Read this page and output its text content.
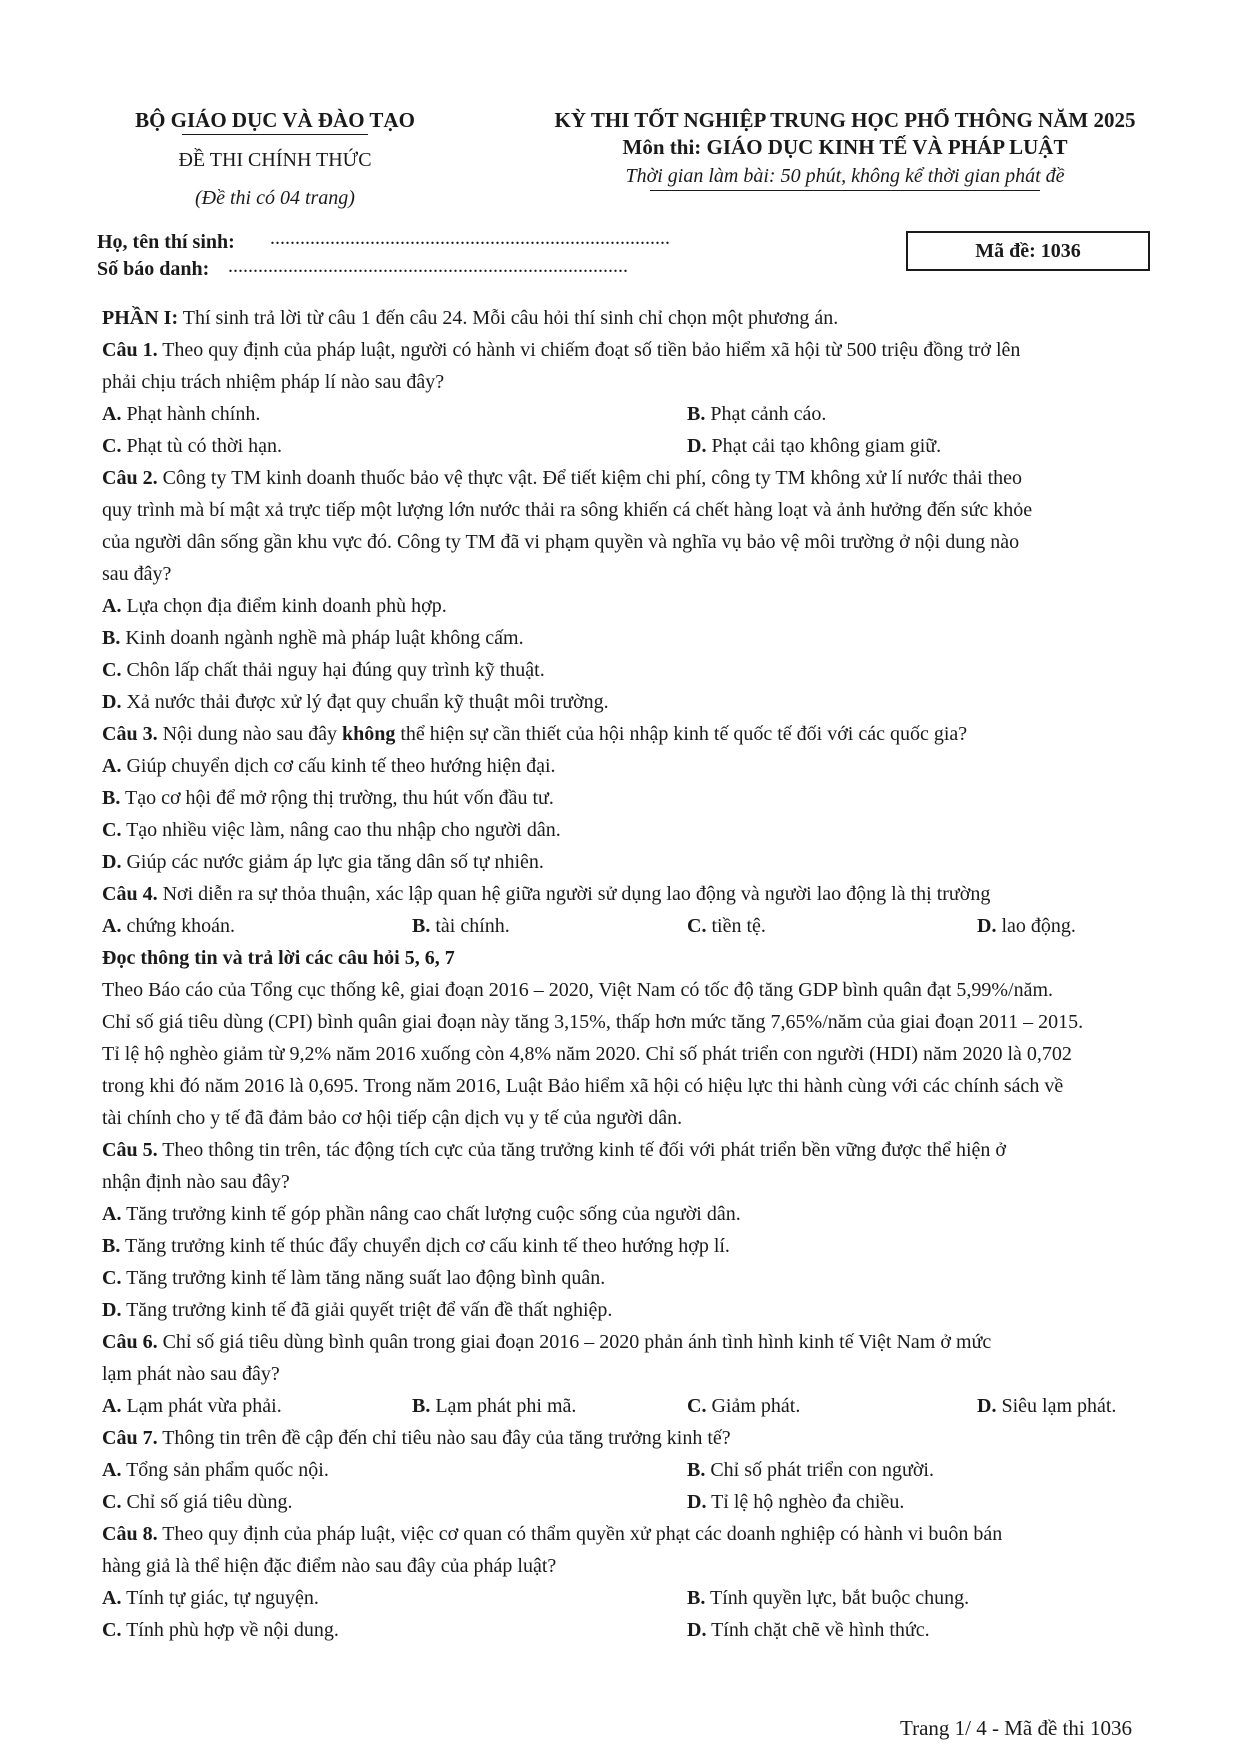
BỘ GIÁO DỤC VÀ ĐÀO TẠO
ĐỀ THI CHÍNH THỨC
(Đề thi có 04 trang)
KỲ THI TỐT NGHIỆP TRUNG HỌC PHỔ THÔNG NĂM 2025
Môn thi: GIÁO DỤC KINH TẾ VÀ PHÁP LUẬT
Thời gian làm bài: 50 phút, không kể thời gian phát đề
Họ, tên thí sinh: ................................................................................
Số báo danh: ................................................................................
Mã đề: 1036
PHẦN I: Thí sinh trả lời từ câu 1 đến câu 24. Mỗi câu hỏi thí sinh chỉ chọn một phương án.
Câu 1. Theo quy định của pháp luật, người có hành vi chiếm đoạt số tiền bảo hiểm xã hội từ 500 triệu đồng trở lên
phải chịu trách nhiệm pháp lí nào sau đây?
A. Phạt hành chính.	B. Phạt cảnh cáo.
C. Phạt tù có thời hạn.	D. Phạt cải tạo không giam giữ.
Câu 2. Công ty TM kinh doanh thuốc bảo vệ thực vật. Để tiết kiệm chi phí, công ty TM không xử lí nước thải theo
quy trình mà bí mật xả trực tiếp một lượng lớn nước thải ra sông khiến cá chết hàng loạt và ảnh hưởng đến sức khỏe
của người dân sống gần khu vực đó. Công ty TM đã vi phạm quyền và nghĩa vụ bảo vệ môi trường ở nội dung nào
sau đây?
A. Lựa chọn địa điểm kinh doanh phù hợp.
B. Kinh doanh ngành nghề mà pháp luật không cấm.
C. Chôn lấp chất thải nguy hại đúng quy trình kỹ thuật.
D. Xả nước thải được xử lý đạt quy chuẩn kỹ thuật môi trường.
Câu 3. Nội dung nào sau đây không thể hiện sự cần thiết của hội nhập kinh tế quốc tế đối với các quốc gia?
A. Giúp chuyển dịch cơ cấu kinh tế theo hướng hiện đại.
B. Tạo cơ hội để mở rộng thị trường, thu hút vốn đầu tư.
C. Tạo nhiều việc làm, nâng cao thu nhập cho người dân.
D. Giúp các nước giảm áp lực gia tăng dân số tự nhiên.
Câu 4. Nơi diễn ra sự thỏa thuận, xác lập quan hệ giữa người sử dụng lao động và người lao động là thị trường
A. chứng khoán.	B. tài chính.	C. tiền tệ.	D. lao động.
Đọc thông tin và trả lời các câu hỏi 5, 6, 7
Theo Báo cáo của Tổng cục thống kê, giai đoạn 2016 – 2020, Việt Nam có tốc độ tăng GDP bình quân đạt 5,99%/năm.
Chỉ số giá tiêu dùng (CPI) bình quân giai đoạn này tăng 3,15%, thấp hơn mức tăng 7,65%/năm của giai đoạn 2011 – 2015.
Tỉ lệ hộ nghèo giảm từ 9,2% năm 2016 xuống còn 4,8% năm 2020. Chỉ số phát triển con người (HDI) năm 2020 là 0,702
trong khi đó năm 2016 là 0,695. Trong năm 2016, Luật Bảo hiểm xã hội có hiệu lực thi hành cùng với các chính sách về
tài chính cho y tế đã đảm bảo cơ hội tiếp cận dịch vụ y tế của người dân.
Câu 5. Theo thông tin trên, tác động tích cực của tăng trưởng kinh tế đối với phát triển bền vững được thể hiện ở
nhận định nào sau đây?
A. Tăng trưởng kinh tế góp phần nâng cao chất lượng cuộc sống của người dân.
B. Tăng trưởng kinh tế thúc đẩy chuyển dịch cơ cấu kinh tế theo hướng hợp lí.
C. Tăng trưởng kinh tế làm tăng năng suất lao động bình quân.
D. Tăng trưởng kinh tế đã giải quyết triệt để vấn đề thất nghiệp.
Câu 6. Chỉ số giá tiêu dùng bình quân trong giai đoạn 2016 – 2020 phản ánh tình hình kinh tế Việt Nam ở mức
lạm phát nào sau đây?
A. Lạm phát vừa phải.	B. Lạm phát phi mã.	C. Giảm phát.	D. Siêu lạm phát.
Câu 7. Thông tin trên đề cập đến chỉ tiêu nào sau đây của tăng trưởng kinh tế?
A. Tổng sản phẩm quốc nội.	B. Chỉ số phát triển con người.
C. Chỉ số giá tiêu dùng.	D. Tỉ lệ hộ nghèo đa chiều.
Câu 8. Theo quy định của pháp luật, việc cơ quan có thẩm quyền xử phạt các doanh nghiệp có hành vi buôn bán
hàng giả là thể hiện đặc điểm nào sau đây của pháp luật?
A. Tính tự giác, tự nguyện.	B. Tính quyền lực, bắt buộc chung.
C. Tính phù hợp về nội dung.	D. Tính chặt chẽ về hình thức.
Trang 1/ 4 - Mã đề thi 1036
